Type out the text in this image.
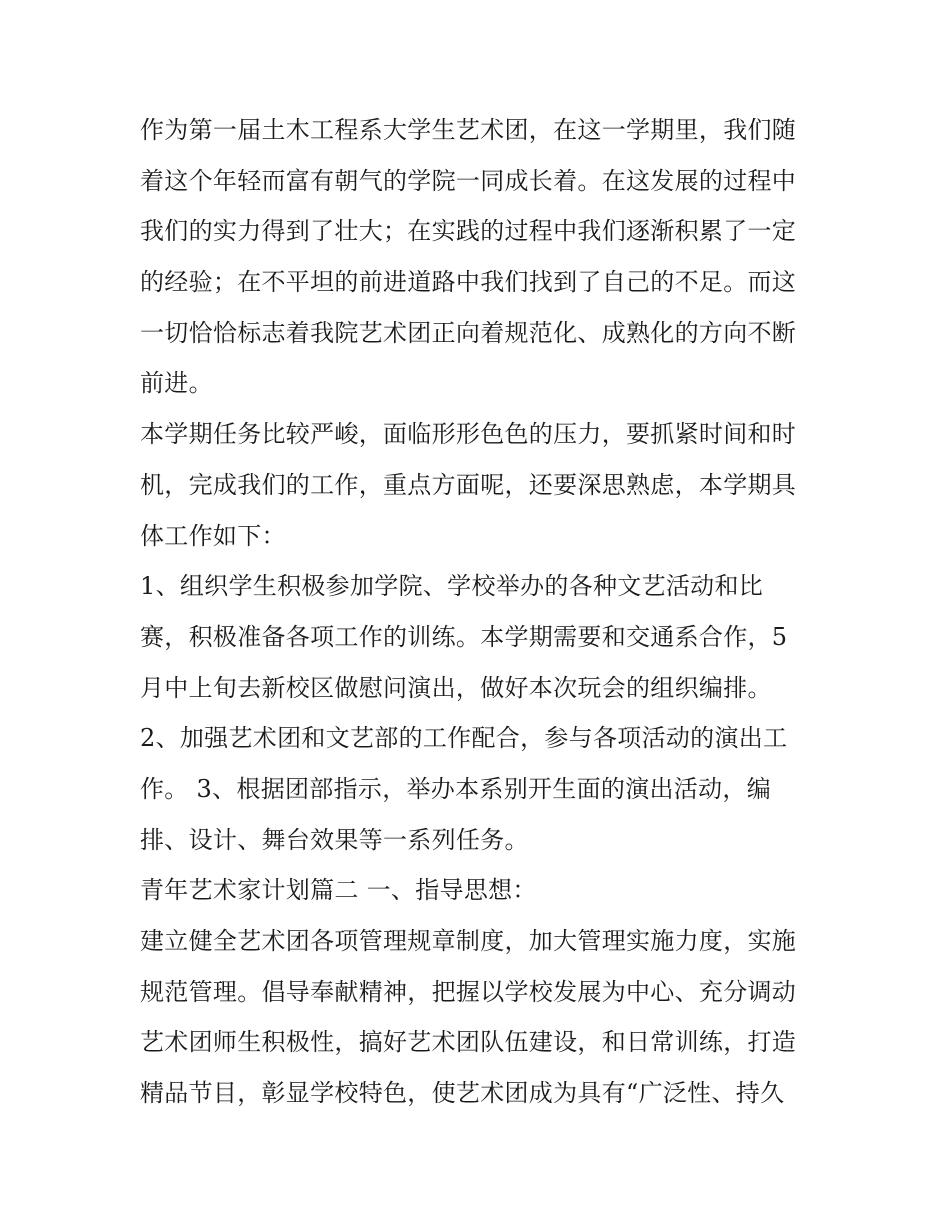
作为第一届土木工程系大学生艺术团，在这一学期里，我们随
着这个年轻而富有朝气的学院一同成长着。在这发展的过程中
我们的实力得到了壮大；在实践的过程中我们逐渐积累了一定
的经验；在不平坦的前进道路中我们找到了自己的不足。而这
一切恰恰标志着我院艺术团正向着规范化、成熟化的方向不断
前进。
本学期任务比较严峻，面临形形色色的压力，要抓紧时间和时
机，完成我们的工作，重点方面呢，还要深思熟虑，本学期具
体工作如下：
1、组织学生积极参加学院、学校举办的各种文艺活动和比
赛，积极准备各项工作的训练。本学期需要和交通系合作，5
月中上旬去新校区做慰问演出，做好本次玩会的组织编排。
2、加强艺术团和文艺部的工作配合，参与各项活动的演出工
作。 3、根据团部指示，举办本系别开生面的演出活动，编
排、设计、舞台效果等一系列任务。
青年艺术家计划篇二 一、指导思想：
建立健全艺术团各项管理规章制度，加大管理实施力度，实施
规范管理。倡导奉献精神，把握以学校发展为中心、充分调动
艺术团师生积极性，搞好艺术团队伍建设，和日常训练，打造
精品节目，彰显学校特色，使艺术团成为具有“广泛性、持久
